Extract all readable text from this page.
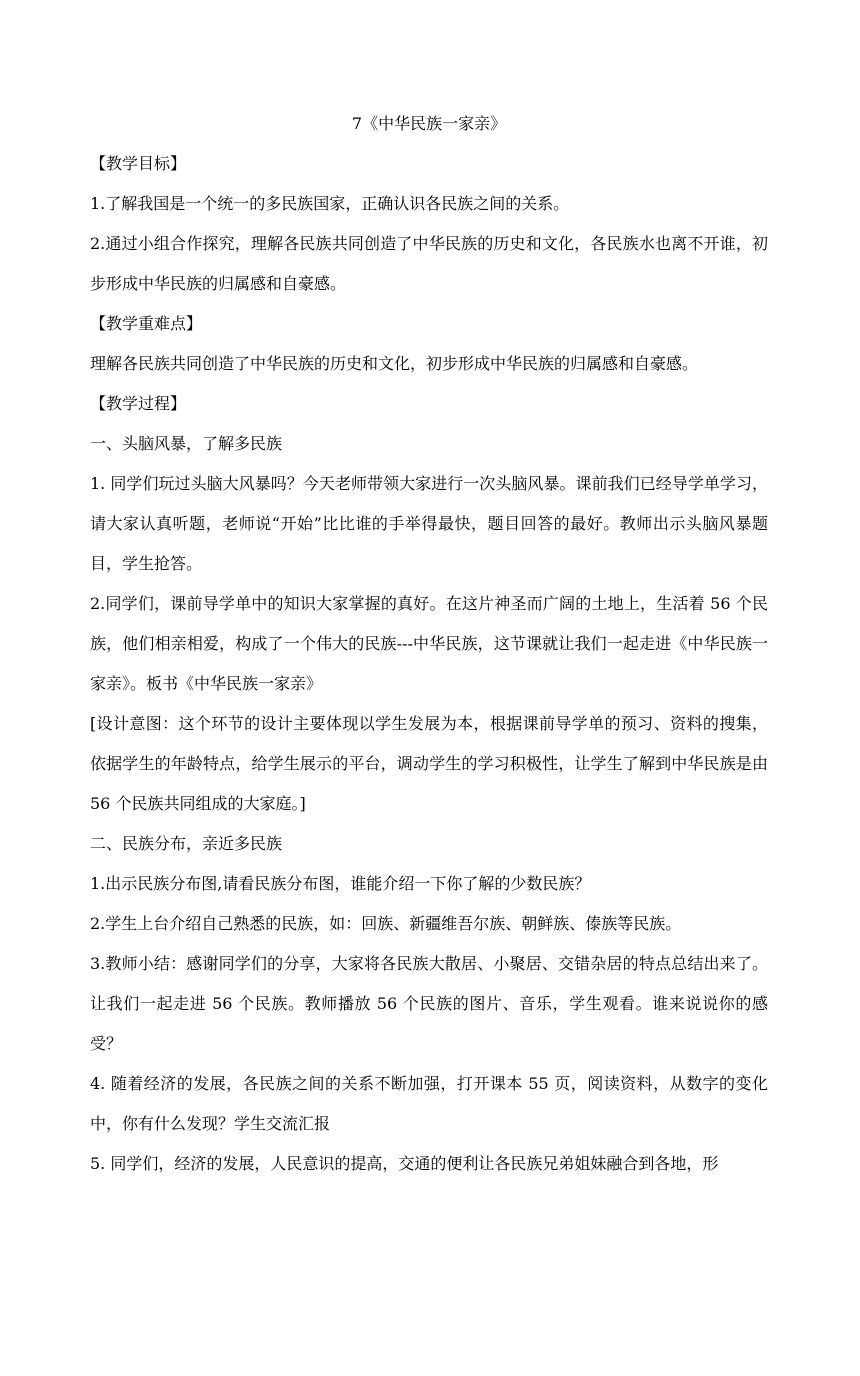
7《中华民族一家亲》

【教学目标】

1.了解我国是一个统一的多民族国家，正确认识各民族之间的关系。

2.通过小组合作探究，理解各民族共同创造了中华民族的历史和文化，各民族水也离不开谁，初步形成中华民族的归属感和自豪感。

【教学重难点】

理解各民族共同创造了中华民族的历史和文化，初步形成中华民族的归属感和自豪感。

【教学过程】

一、头脑风暴，了解多民族

1. 同学们玩过头脑大风暴吗？今天老师带领大家进行一次头脑风暴。课前我们已经导学单学习，请大家认真听题，老师说“开始”比比谁的手举得最快，题目回答的最好。教师出示头脑风暴题目，学生抢答。

2.同学们，课前导学单中的知识大家掌握的真好。在这片神圣而广阔的土地上，生活着 56 个民族，他们相亲相爱，构成了一个伟大的民族---中华民族，这节课就让我们一起走进《中华民族一家亲》。板书《中华民族一家亲》

[设计意图：这个环节的设计主要体现以学生发展为本，根据课前导学单的预习、资料的搜集，依据学生的年龄特点，给学生展示的平台，调动学生的学习积极性，让学生了解到中华民族是由 56 个民族共同组成的大家庭。]

二、民族分布，亲近多民族

1.出示民族分布图,请看民族分布图，谁能介绍一下你了解的少数民族？

2.学生上台介绍自己熟悉的民族，如：回族、新疆维吾尔族、朝鲜族、傣族等民族。

3.教师小结：感谢同学们的分享，大家将各民族大散居、小聚居、交错杂居的特点总结出来了。让我们一起走进 56 个民族。教师播放 56 个民族的图片、音乐，学生观看。谁来说说你的感受？

4. 随着经济的发展，各民族之间的关系不断加强，打开课本 55 页，阅读资料，从数字的变化中，你有什么发现？学生交流汇报

5. 同学们，经济的发展，人民意识的提高，交通的便利让各民族兄弟姐妹融合到各地，形
